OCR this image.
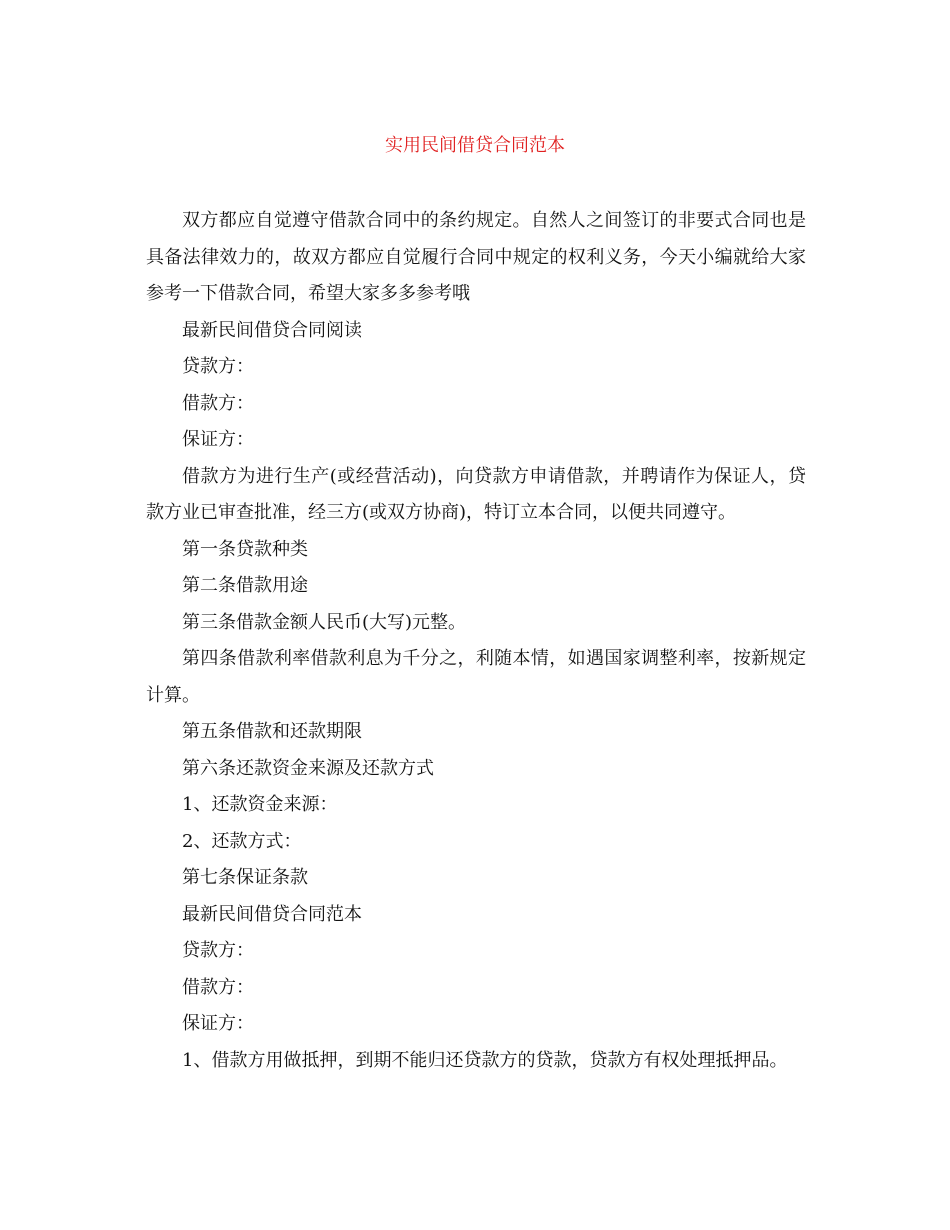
实用民间借贷合同范本

双方都应自觉遵守借款合同中的条约规定。自然人之间签订的非要式合同也是具备法律效力的，故双方都应自觉履行合同中规定的权利义务，今天小编就给大家参考一下借款合同，希望大家多多参考哦

最新民间借贷合同阅读

贷款方：

借款方：

保证方：

借款方为进行生产(或经营活动)，向贷款方申请借款，并聘请作为保证人，贷款方业已审查批准，经三方(或双方协商)，特订立本合同，以便共同遵守。

第一条贷款种类

第二条借款用途

第三条借款金额人民币(大写)元整。

第四条借款利率借款利息为千分之，利随本情，如遇国家调整利率，按新规定计算。

第五条借款和还款期限

第六条还款资金来源及还款方式

1、还款资金来源：

2、还款方式：

第七条保证条款

最新民间借贷合同范本

贷款方：

借款方：

保证方：

1、借款方用做抵押，到期不能归还贷款方的贷款，贷款方有权处理抵押品。
